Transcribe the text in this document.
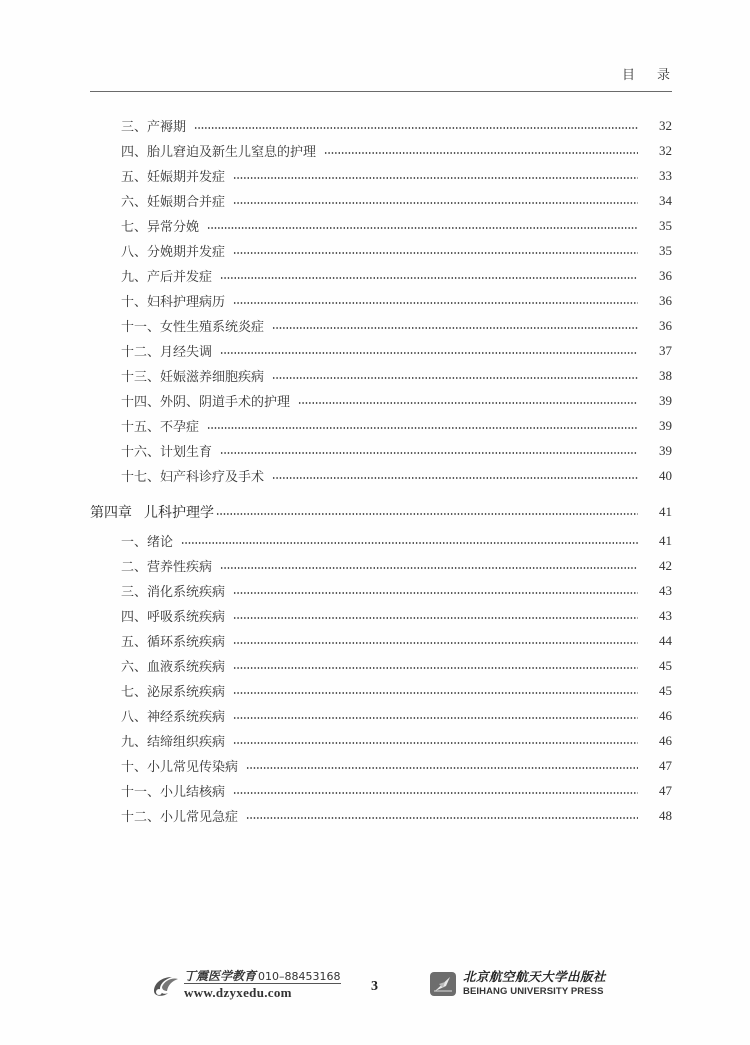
目录
三、产褥期	32
四、胎儿窘迫及新生儿窒息的护理	32
五、妊娠期并发症	33
六、妊娠期合并症	34
七、异常分娩	35
八、分娩期并发症	35
九、产后并发症	36
十、妇科护理病历	36
十一、女性生殖系统炎症	36
十二、月经失调	37
十三、妊娠滋养细胞疾病	38
十四、外阴、阴道手术的护理	39
十五、不孕症	39
十六、计划生育	39
十七、妇产科诊疗及手术	40
第四章 儿科护理学	41
一、绪论	41
二、营养性疾病	42
三、消化系统疾病	43
四、呼吸系统疾病	43
五、循环系统疾病	44
六、血液系统疾病	45
七、泌尿系统疾病	45
八、神经系统疾病	46
九、结缔组织疾病	46
十、小儿常见传染病	47
十一、小儿结核病	47
十二、小儿常见急症	48
丁震医学教育 010–88453168
www.dzyxedu.com	3
北京航空航天大学出版社
BEIHANG UNIVERSITY PRESS
